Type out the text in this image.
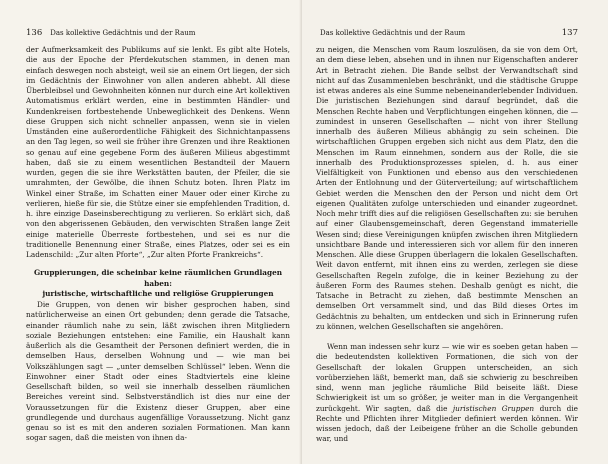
136	Das kollektive Gedächtnis und der Raum

der Aufmerksamkeit des Publikums auf sie lenkt. Es gibt alte Hotels, die aus der Epoche der Pferdekutschen stammen, in denen man einfach deswegen noch absteigt, weil sie an einem Ort liegen, der sich im Gedächtnis der Einwohner von allen anderen abhebt. All diese Überbleibsel und Gewohnheiten können nur durch eine Art kollektiven Automatismus erklärt werden, eine in bestimmten Händler- und Kundenkreisen fortbestehende Unbeweglichkeit des Denkens. Wenn diese Gruppen sich nicht schneller anpassen, wenn sie in vielen Umständen eine außerordentliche Fähigkeit des Sichnichtanpassens an den Tag legen, so weil sie früher ihre Grenzen und ihre Reaktionen so genau auf eine gegebene Form des äußeren Milieus abgestimmt haben, daß sie zu einem wesentlichen Bestandteil der Mauern wurden, gegen die sie ihre Werkstätten bauten, der Pfeiler, die sie umrahmten, der Gewölbe, die ihnen Schutz boten. Ihren Platz im Winkel einer Straße, im Schatten einer Mauer oder einer Kirche zu verlieren, hieße für sie, die Stütze einer sie empfehlenden Tradition, d. h. ihre einzige Daseinsberechtigung zu verlieren. So erklärt sich, daß von den abgerissenen Gebäuden, den verwischten Straßen lange Zeit einige materielle Überreste fortbestehen, und sei es nur die traditionelle Benennung einer Straße, eines Platzes, oder sei es ein Ladenschild: „Zur alten Pforte“, „Zur alten Pforte Frankreichs“.

Gruppierungen, die scheinbar keine räumlichen Grundlagen haben:
juristische, wirtschaftliche und religiöse Gruppierungen

Die Gruppen, von denen wir bisher gesprochen haben, sind natürlicherweise an einen Ort gebunden; denn gerade die Tatsache, einander räumlich nahe zu sein, läßt zwischen ihren Mitgliedern soziale Beziehungen entstehen: eine Familie, ein Haushalt kann äußerlich als die Gesamtheit der Personen definiert werden, die in demselben Haus, derselben Wohnung und — wie man bei Volkszählungen sagt — „unter demselben Schlüssel“ leben. Wenn die Einwohner einer Stadt oder eines Stadtviertels eine kleine Gesellschaft bilden, so weil sie innerhalb desselben räumlichen Bereiches vereint sind. Selbstverständlich ist dies nur eine der Voraussetzungen für die Existenz dieser Gruppen, aber eine grundlegende und durchaus augenfällige Voraussetzung. Nicht ganz genau so ist es mit den anderen sozialen Formationen. Man kann sogar sagen, daß die meisten von ihnen da-

Das kollektive Gedächtnis und der Raum	137

zu neigen, die Menschen vom Raum loszulösen, da sie von dem Ort, an dem diese leben, absehen und in ihnen nur Eigenschaften anderer Art in Betracht ziehen. Die Bande selbst der Verwandtschaft sind nicht auf das Zusammenleben beschränkt, und die städtische Gruppe ist etwas anderes als eine Summe nebeneinanderlebender Individuen. Die juristischen Beziehungen sind darauf begründet, daß die Menschen Rechte haben und Verpflichtungen eingehen können, die — zumindest in unseren Gesellschaften — nicht von ihrer Stellung innerhalb des äußeren Milieus abhängig zu sein scheinen. Die wirtschaftlichen Gruppen ergeben sich nicht aus dem Platz, den die Menschen im Raum einnehmen, sondern aus der Rolle, die sie innerhalb des Produktionsprozesses spielen, d. h. aus einer Vielfältigkeit von Funktionen und ebenso aus den verschiedenen Arten der Entlohnung und der Güterverteilung; auf wirtschaftlichem Gebiet werden die Menschen den der Person und nicht dem Ort eigenen Qualitäten zufolge unterschieden und einander zugeordnet. Noch mehr trifft dies auf die religiösen Gesellschaften zu: sie beruhen auf einer Glaubensgemeinschaft, deren Gegenstand immaterielle Wesen sind; diese Vereinigungen knüpfen zwischen ihren Mitgliedern unsichtbare Bande und interessieren sich vor allem für den inneren Menschen. Alle diese Gruppen überlagern die lokalen Gesellschaften. Weit davon entfernt, mit ihnen eins zu werden, zerlegen sie diese Gesellschaften Regeln zufolge, die in keiner Beziehung zu der äußeren Form des Raumes stehen. Deshalb genügt es nicht, die Tatsache in Betracht zu ziehen, daß bestimmte Menschen an demselben Ort versammelt sind, und das Bild dieses Ortes im Gedächtnis zu behalten, um entdecken und sich in Erinnerung rufen zu können, welchen Gesellschaften sie angehören.

Wenn man indessen sehr kurz — wie wir es soeben getan haben — die bedeutendsten kollektiven Formationen, die sich von der Gesellschaft der lokalen Gruppen unterscheiden, an sich vorüberziehen läßt, bemerkt man, daß sie schwierig zu beschreiben sind, wenn man jegliche räumliche Bild beiseite läßt. Diese Schwierigkeit ist um so größer, je weiter man in die Vergangenheit zurückgeht. Wir sagten, daß die juristischen Gruppen durch die Rechte und Pflichten ihrer Mitglieder definiert werden können. Wir wissen jedoch, daß der Leibeigene früher an die Scholle gebunden war, und
